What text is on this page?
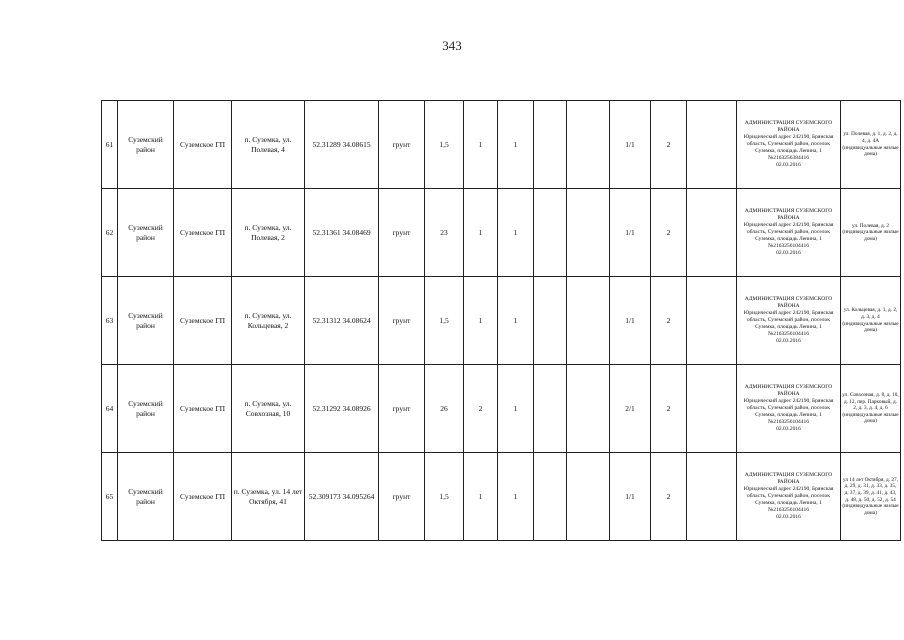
343
61	Суземский район	Суземское ГП	п. Суземка, ул. Полевая, 4	52.31289 34.08615	грунт	1,5	1	1			1/1	2		АДМИНИСТРАЦИЯ СУЗЕМСКОГО РАЙОНА
Юридический адрес 242190, Брянская область, Суземский район, поселок Суземка, площадь Ленина, 1
№2163256384416
02.03.2016	ул. Полевая, д. 1, д. 2, д. 4, д. 4А (индивидуальные жилые дома)
62	Суземский район	Суземское ГП	п. Суземка, ул. Полевая, 2	52.31361 34.08469	грунт	23	1	1			1/1	2		АДМИНИСТРАЦИЯ СУЗЕМСКОГО РАЙОНА
Юридический адрес 242190, Брянская область, Суземский район, поселок Суземка, площадь Ленина, 1
№2163256104416
02.03.2016	ул. Полевая, д. 2 (индивидуальные жилые дома)
63	Суземский район	Суземское ГП	п. Суземка, ул. Кольцевая, 2	52.31312 34.08624	грунт	1,5	1	1			1/1	2		АДМИНИСТРАЦИЯ СУЗЕМСКОГО РАЙОНА
Юридический адрес 242190, Брянская область, Суземский район, поселок Суземка, площадь Ленина, 1
№2163256104416
02.03.2016	ул. Кольцевая, д. 1, д. 2, д. 3, д. 4 (индивидуальные жилые дома)
64	Суземский район	Суземское ГП	п. Суземка, ул. Совхозная, 10	52.31292 34.08926	грунт	26	2	1			2/1	2		АДМИНИСТРАЦИЯ СУЗЕМСКОГО РАЙОНА
Юридический адрес 242190, Брянская область, Суземский район, поселок Суземка, площадь Ленина, 1
№2163256104416
02.03.2016	ул. Совхозная, д. 8, д. 10, д. 12, пер. Парковый, д. 2, д. 3, д. 4, д. 6 (индивидуальные жилые дома)
65	Суземский район	Суземское ГП	п. Суземка, ул. 14 лет Октября, 41	52.309173 34.095264	грунт	1,5	1	1			1/1	2		АДМИНИСТРАЦИЯ СУЗЕМСКОГО РАЙОНА
Юридический адрес 242190, Брянская область, Суземский район, поселок Суземка, площадь Ленина, 1
№2163256104416
02.03.2016	ул 14 лет Октября, д. 27, д. 29, д. 31, д. 33, д. 35, д. 37, д. 39, д. 41, д. 43, д. 48, д. 50, д. 52, д. 54 (индивидуальные жилые дома)
